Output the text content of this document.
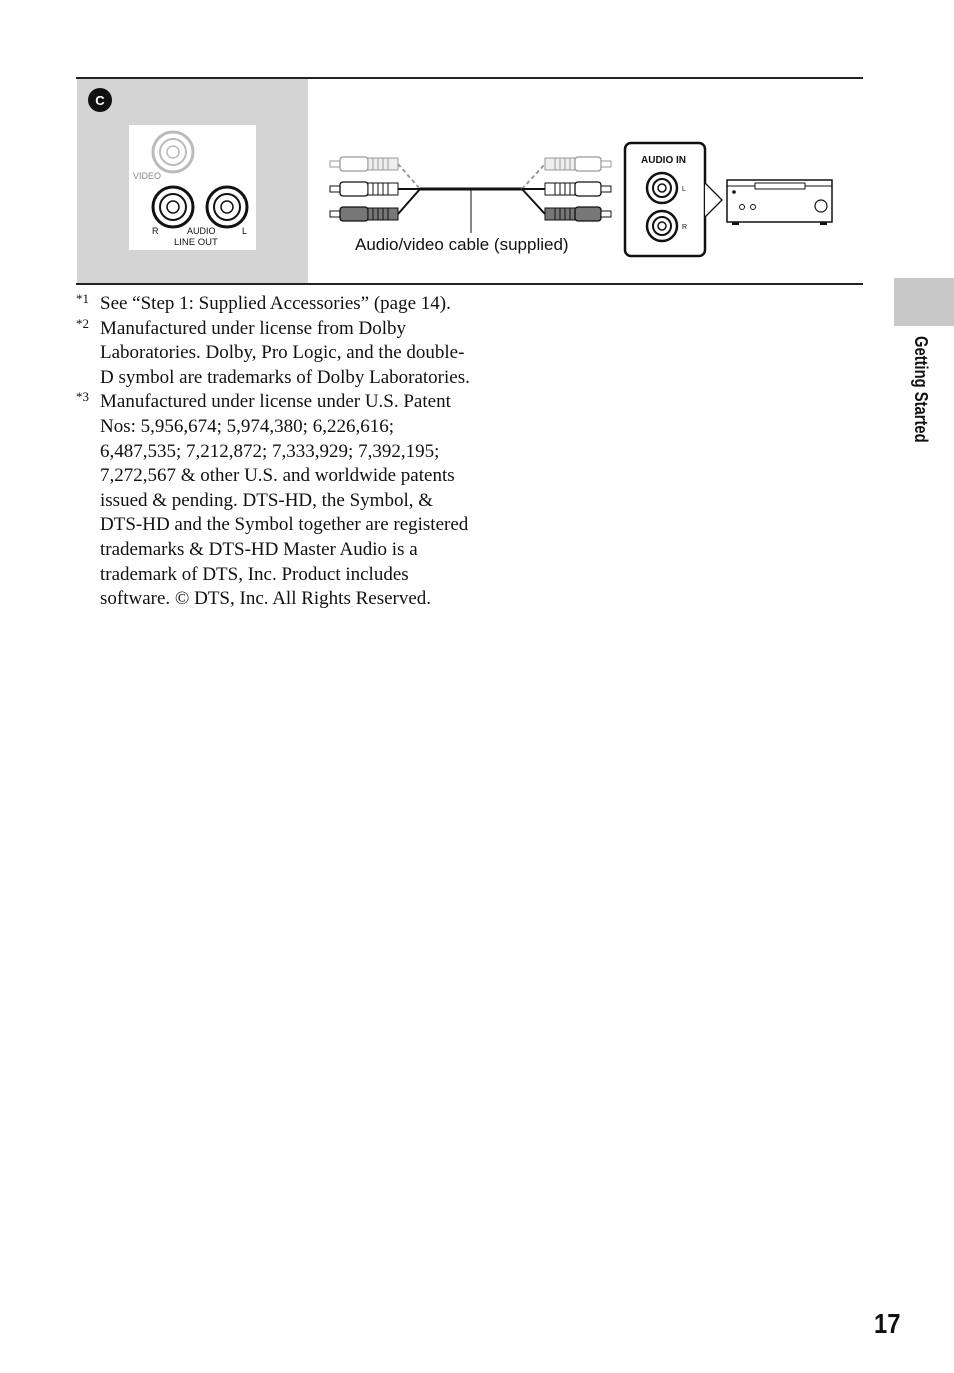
C
VIDEO
R	AUDIO	L
LINE OUT
AUDIO IN
L
R
Audio/video cable (supplied)

*1 See “Step 1: Supplied Accessories” (page 14).

*2 Manufactured under license from Dolby Laboratories. Dolby, Pro Logic, and the double-D symbol are trademarks of Dolby Laboratories.

*3 Manufactured under license under U.S. Patent Nos: 5,956,674; 5,974,380; 6,226,616; 6,487,535; 7,212,872; 7,333,929; 7,392,195; 7,272,567 & other U.S. and worldwide patents issued & pending. DTS-HD, the Symbol, & DTS-HD and the Symbol together are registered trademarks & DTS-HD Master Audio is a trademark of DTS, Inc. Product includes software. © DTS, Inc. All Rights Reserved.

Getting Started
17
